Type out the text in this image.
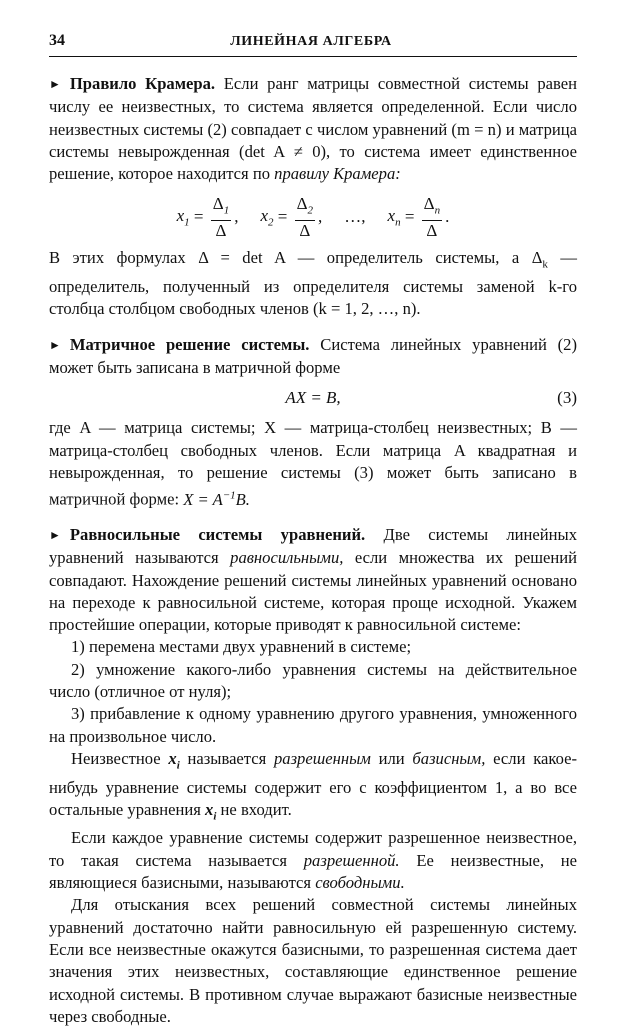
34	ЛИНЕЙНАЯ АЛГЕБРА

► Правило Крамера. Если ранг матрицы совместной системы равен числу ее неизвестных, то система является определенной. Если число неизвестных системы (2) совпадает с числом уравнений (m = n) и матрица системы невырожденная (det A ≠ 0), то система имеет единственное решение, которое находится по правилу Крамера:

$x_1 = \frac{\Delta_1}{\Delta}$ , $x_2 = \frac{\Delta_2}{\Delta}$ , …, $x_n = \frac{\Delta_n}{\Delta}$ .

В этих формулах Δ = det A — определитель системы, а $\Delta_k$ — определитель, полученный из определителя системы заменой k-го столбца столбцом свободных членов (k = 1, 2, …, n).

► Матричное решение системы. Система линейных уравнений (2) может быть записана в матричной форме

AX = B,	(3)

где A — матрица системы; X — матрица-столбец неизвестных; B — матрица-столбец свободных членов. Если матрица A квадратная и невырожденная, то решение системы (3) может быть записано в матричной форме: $X = A^{-1}B$.

► Равносильные системы уравнений. Две системы линейных уравнений называются равносильными, если множества их решений совпадают. Нахождение решений системы линейных уравнений основано на переходе к равносильной системе, которая проще исходной. Укажем простейшие операции, которые приводят к равносильной системе:

1) перемена местами двух уравнений в системе;

2) умножение какого-либо уравнения системы на действительное число (отличное от нуля);

3) прибавление к одному уравнению другого уравнения, умноженного на произвольное число.

Неизвестное $x_i$ называется разрешенным или базисным, если какое-нибудь уравнение системы содержит его с коэффициентом 1, а во все остальные уравнения $x_i$ не входит.

Если каждое уравнение системы содержит разрешенное неизвестное, то такая система называется разрешенной. Ее неизвестные, не являющиеся базисными, называются свободными.

Для отыскания всех решений совместной системы линейных уравнений достаточно найти равносильную ей разрешенную систему. Если все неизвестные окажутся базисными, то разрешенная система дает значения этих неизвестных, составляющие единственное решение исходной системы. В противном случае выражают базисные неизвестные через свободные.
